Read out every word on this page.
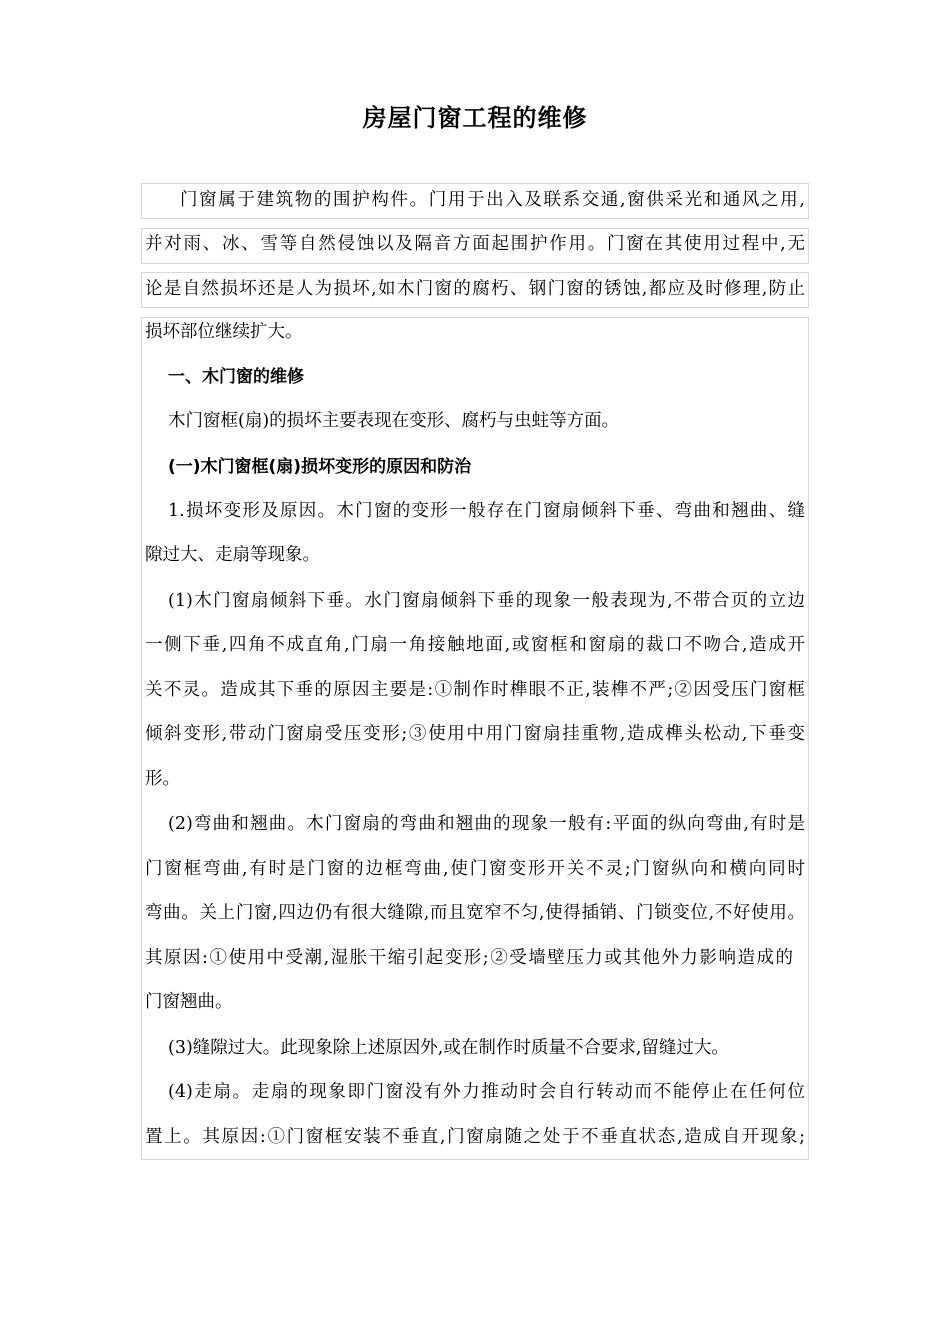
房屋门窗工程的维修
门窗属于建筑物的围护构件。门用于出入及联系交通,窗供采光和通风之用,
并对雨、冰、雪等自然侵蚀以及隔音方面起围护作用。门窗在其使用过程中,无
论是自然损坏还是人为损坏,如木门窗的腐朽、钢门窗的锈蚀,都应及时修理,防止
损坏部位继续扩大。
一、木门窗的维修
木门窗框(扇)的损坏主要表现在变形、腐朽与虫蛀等方面。
(一)木门窗框(扇)损坏变形的原因和防治
1.损坏变形及原因。木门窗的变形一般存在门窗扇倾斜下垂、弯曲和翘曲、缝
隙过大、走扇等现象。
(1)木门窗扇倾斜下垂。水门窗扇倾斜下垂的现象一般表现为,不带合页的立边
一侧下垂,四角不成直角,门扇一角接触地面,或窗框和窗扇的裁口不吻合,造成开
关不灵。造成其下垂的原因主要是:①制作时榫眼不正,装榫不严;②因受压门窗框
倾斜变形,带动门窗扇受压变形;③使用中用门窗扇挂重物,造成榫头松动,下垂变
形。
(2)弯曲和翘曲。木门窗扇的弯曲和翘曲的现象一般有:平面的纵向弯曲,有时是
门窗框弯曲,有时是门窗的边框弯曲,使门窗变形开关不灵;门窗纵向和横向同时
弯曲。关上门窗,四边仍有很大缝隙,而且宽窄不匀,使得插销、门锁变位,不好使用。
其原因:①使用中受潮,湿胀干缩引起变形;②受墙壁压力或其他外力影响造成的
门窗翘曲。
(3)缝隙过大。此现象除上述原因外,或在制作时质量不合要求,留缝过大。
(4)走扇。走扇的现象即门窗没有外力推动时会自行转动而不能停止在任何位
置上。其原因:①门窗框安装不垂直,门窗扇随之处于不垂直状态,造成自开现象;
